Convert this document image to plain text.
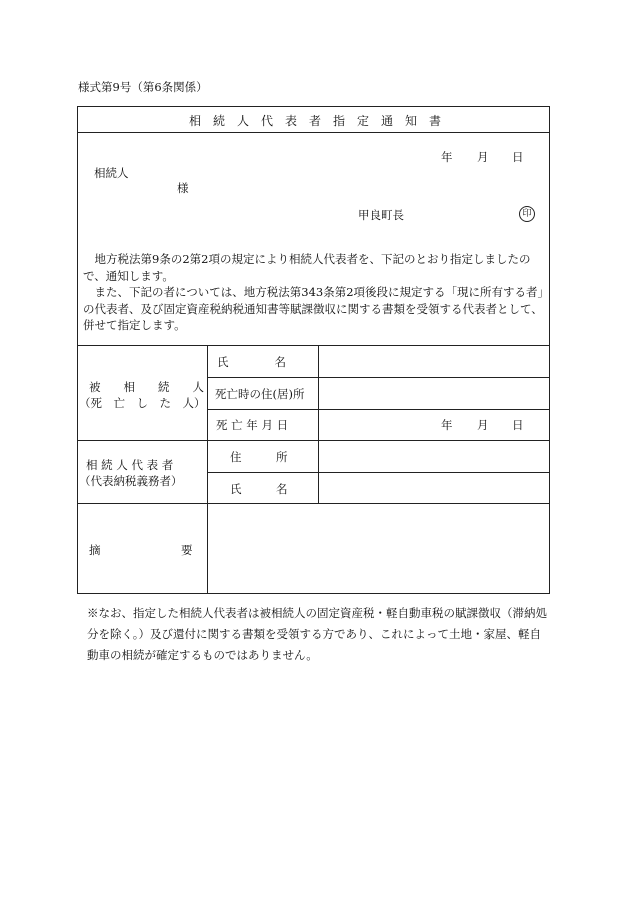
様式第9号（第6条関係）
相　続　人　代　表　者　指　定　通　知　書
年 月 日
相続人
様
甲良町長	印
　地方税法第9条の2第2項の規定により相続人代表者を、下記のとおり指定しましたので、通知します。
　また、下記の者については、地方税法第343条第2項後段に規定する「現に所有する者」の代表者、及び固定資産税納税通知書等賦課徴収に関する書類を受領する代表者として、併せて指定します。
被　　相　　続　　人
（死　亡　し　た　人）
氏　　　　名
死亡時の住(居)所
死 亡 年 月 日	年 月 日
相 続 人 代 表 者
（代表納税義務者）
住　　　所
氏　　　名
摘　　　　　　　要
※なお、指定した相続人代表者は被相続人の固定資産税・軽自動車税の賦課徴収（滞納処分を除く。）及び還付に関する書類を受領する方であり、これによって土地・家屋、軽自動車の相続が確定するものではありません。
